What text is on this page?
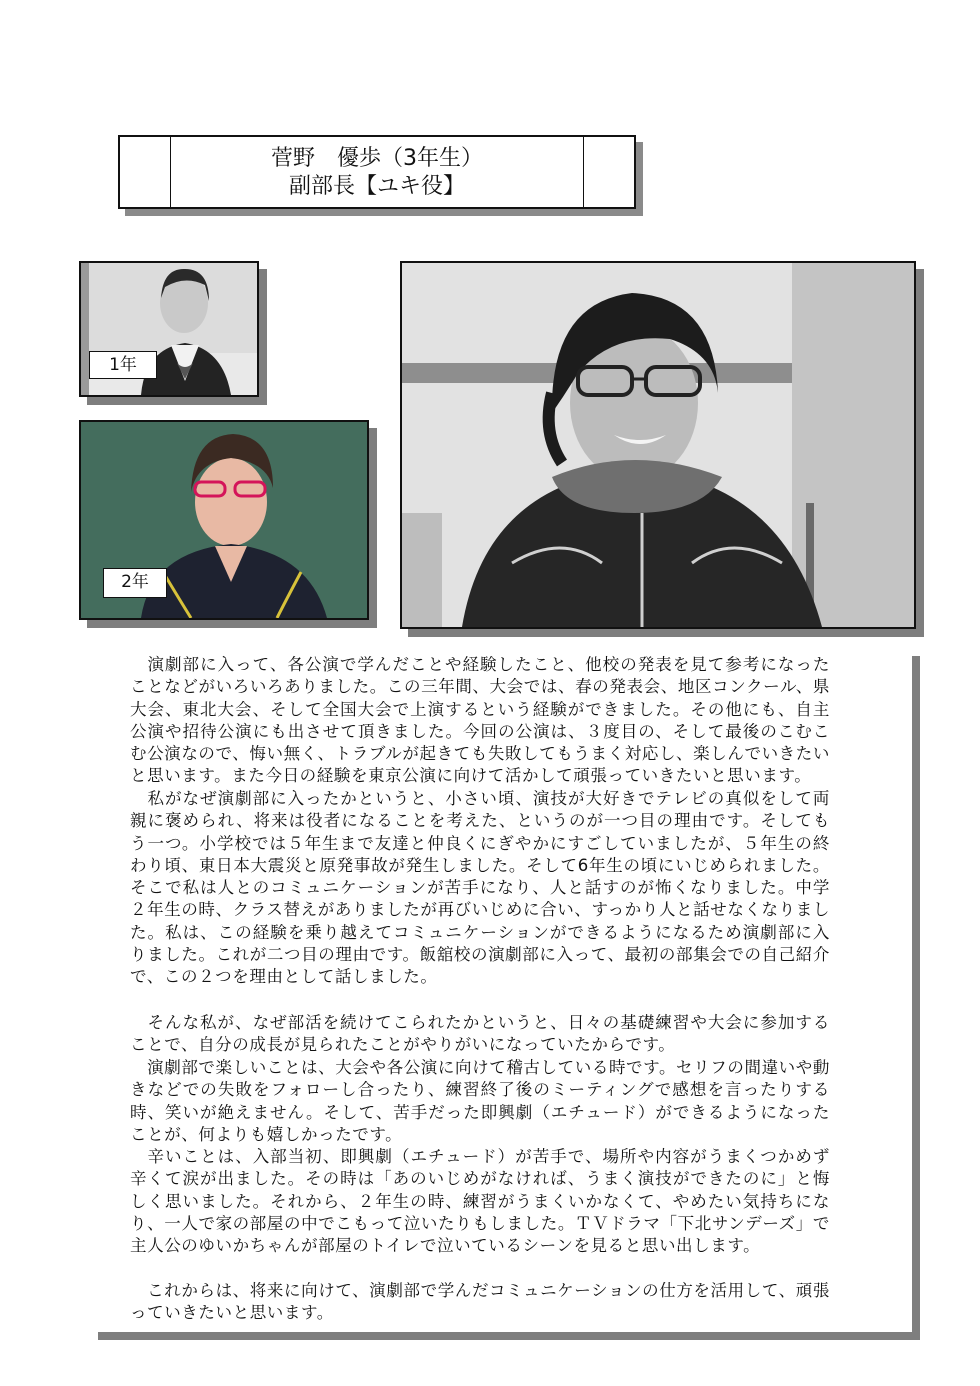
菅野　優歩（3年生）
副部長【ユキ役】
1年
2年
　演劇部に入って、各公演で学んだことや経験したこと、他校の発表を見て参考になったことなどがいろいろありました。この三年間、大会では、春の発表会、地区コンクール、県大会、東北大会、そして全国大会で上演するという経験ができました。その他にも、自主公演や招待公演にも出させて頂きました。今回の公演は、３度目の、そして最後のこむこむ公演なので、悔い無く、トラブルが起きても失敗してもうまく対応し、楽しんでいきたいと思います。また今日の経験を東京公演に向けて活かして頑張っていきたいと思います。
　私がなぜ演劇部に入ったかというと、小さい頃、演技が大好きでテレビの真似をして両親に褒められ、将来は役者になることを考えた、というのが一つ目の理由です。そしてもう一つ。小学校では５年生まで友達と仲良くにぎやかにすごしていましたが、５年生の終わり頃、東日本大震災と原発事故が発生しました。そして6年生の頃にいじめられました。そこで私は人とのコミュニケーションが苦手になり、人と話すのが怖くなりました。中学２年生の時、クラス替えがありましたが再びいじめに合い、すっかり人と話せなくなりました。私は、この経験を乗り越えてコミュニケーションができるようになるため演劇部に入りました。これが二つ目の理由です。飯舘校の演劇部に入って、最初の部集会での自己紹介で、この２つを理由として話しました。
　そんな私が、なぜ部活を続けてこられたかというと、日々の基礎練習や大会に参加することで、自分の成長が見られたことがやりがいになっていたからです。
　演劇部で楽しいことは、大会や各公演に向けて稽古している時です。セリフの間違いや動きなどでの失敗をフォローし合ったり、練習終了後のミーティングで感想を言ったりする時、笑いが絶えません。そして、苦手だった即興劇（エチュード）ができるようになったことが、何よりも嬉しかったです。
　辛いことは、入部当初、即興劇（エチュード）が苦手で、場所や内容がうまくつかめず辛くて涙が出ました。その時は「あのいじめがなければ、うまく演技ができたのに」と悔しく思いました。それから、２年生の時、練習がうまくいかなくて、やめたい気持ちになり、一人で家の部屋の中でこもって泣いたりもしました。ＴＶドラマ「下北サンデーズ」で主人公のゆいかちゃんが部屋のトイレで泣いているシーンを見ると思い出します。
　これからは、将来に向けて、演劇部で学んだコミュニケーションの仕方を活用して、頑張っていきたいと思います。
